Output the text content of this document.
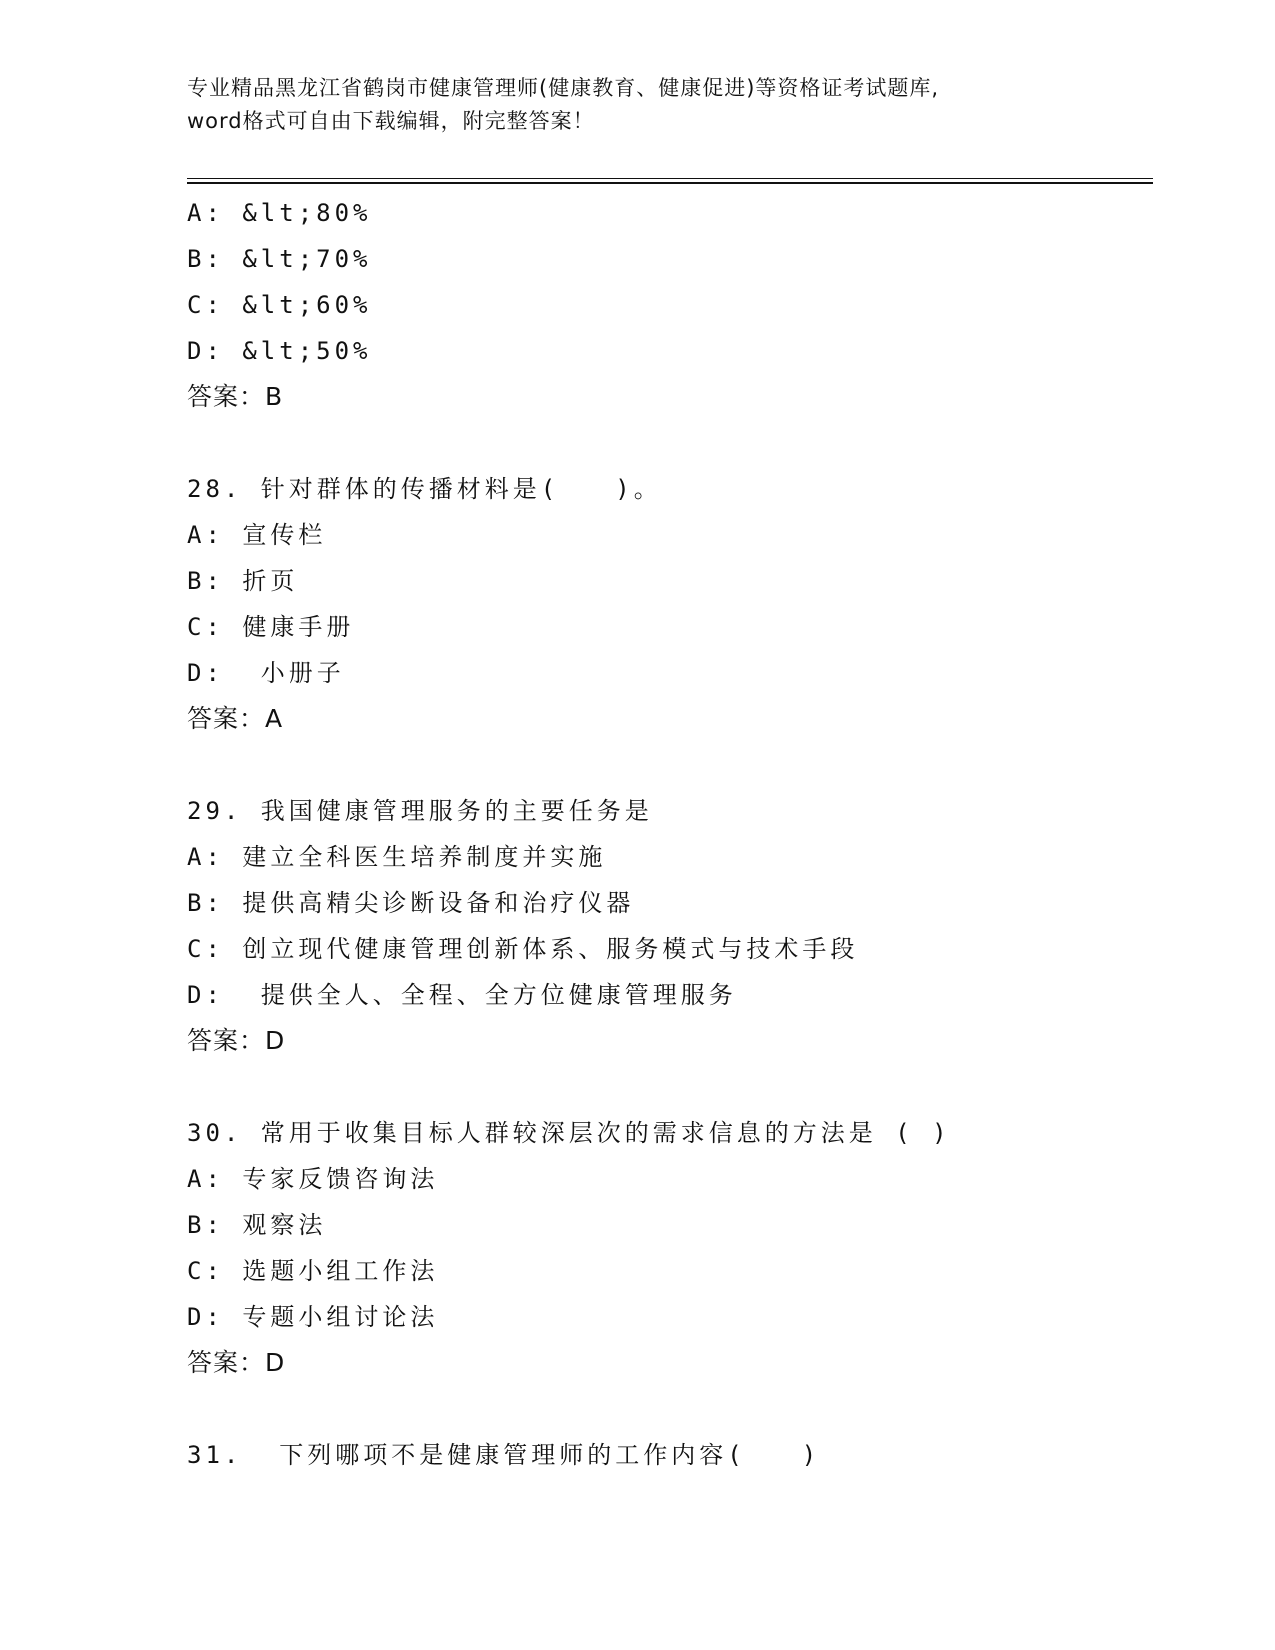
专业精品黑龙江省鹤岗市健康管理师(健康教育、健康促进)等资格证考试题库,
word格式可自由下载编辑，附完整答案！
A: &lt;80%
B: &lt;70%
C: &lt;60%
D: &lt;50%
答案：B
28. 针对群体的传播材料是(　　)。
A: 宣传栏
B: 折页
C: 健康手册
D:  小册子
答案：A
29. 我国健康管理服务的主要任务是
A: 建立全科医生培养制度并实施
B: 提供高精尖诊断设备和治疗仪器
C: 创立现代健康管理创新体系、服务模式与技术手段
D:  提供全人、全程、全方位健康管理服务
答案：D
30. 常用于收集目标人群较深层次的需求信息的方法是 ( )
A: 专家反馈咨询法
B: 观察法
C: 选题小组工作法
D: 专题小组讨论法
答案：D
31.  下列哪项不是健康管理师的工作内容(　　)
